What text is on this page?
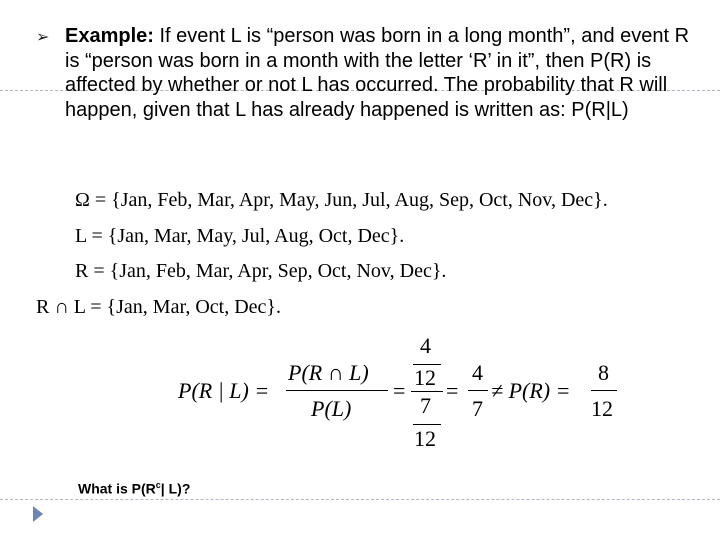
➢ Example: If event L is “person was born in a long month”, and event R is “person was born in a month with the letter ‘R’ in it”, then P(R) is affected by whether or not L has occurred. The probability that R will happen, given that L has already happened is written as: P(R|L)
Ω = {Jan, Feb, Mar, Apr, May, Jun, Jul, Aug, Sep, Oct, Nov, Dec}.
L = {Jan, Mar, May, Jul, Aug, Oct, Dec}.
R = {Jan, Feb, Mar, Apr, Sep, Oct, Nov, Dec}.
R ∩ L = {Jan, Mar, Oct, Dec}.
P(R | L) =
P(R ∩ L)
P(L)
=
4
12
7
12
=
4
7
≠ P(R) =
8
12
What is $P(R^c|$ L)?
